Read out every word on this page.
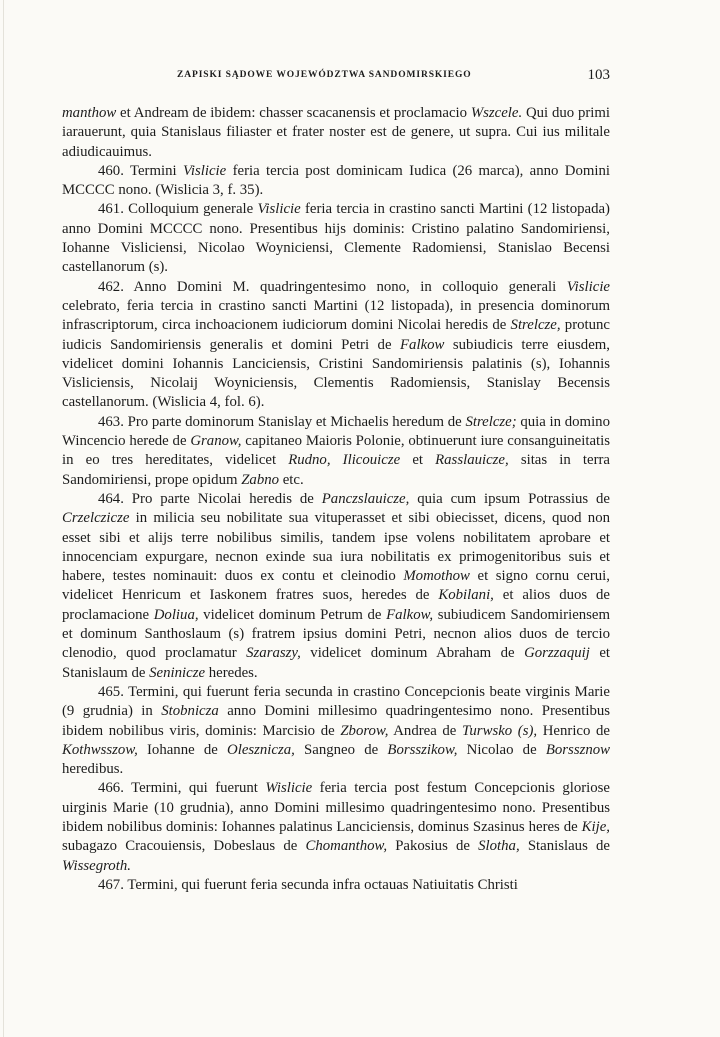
ZAPISKI SĄDOWE WOJEWÓDZTWA SANDOMIRSKIEGO	103

manthow et Andream de ibidem: chasser scacanensis et proclamacio Wszcele. Qui duo primi iarauerunt, quia Stanislaus filiaster et frater noster est de genere, ut supra. Cui ius militale adiudicauimus.

460. Termini Vislicie feria tercia post dominicam Iudica (26 marca), anno Domini MCCCC nono. (Wislicia 3, f. 35).

461. Colloquium generale Vislicie feria tercia in crastino sancti Martini (12 listopada) anno Domini MCCCC nono. Presentibus hijs dominis: Cristino palatino Sandomiriensi, Iohanne Visliciensi, Nicolao Woyniciensi, Clemente Radomiensi, Stanislao Becensi castellanorum (s).

462. Anno Domini M. quadringentesimo nono, in colloquio generali Vislicie celebrato, feria tercia in crastino sancti Martini (12 listopada), in presencia dominorum infrascriptorum, circa inchoacionem iudiciorum domini Nicolai heredis de Strelcze, protunc iudicis Sandomiriensis generalis et domini Petri de Falkow subiudicis terre eiusdem, videlicet domini Iohannis Lanciciensis, Cristini Sandomiriensis palatinis (s), Iohannis Visliciensis, Nicolaij Woyniciensis, Clementis Radomiensis, Stanislay Becensis castellanorum. (Wislicia 4, fol. 6).

463. Pro parte dominorum Stanislay et Michaelis heredum de Strelcze; quia in domino Wincencio herede de Granow, capitaneo Maioris Polonie, obtinuerunt iure consanguineitatis in eo tres hereditates, videlicet Rudno, Ilicouicze et Rasslauicze, sitas in terra Sandomiriensi, prope opidum Zabno etc.

464. Pro parte Nicolai heredis de Panczslauicze, quia cum ipsum Potrassius de Crzelczicze in milicia seu nobilitate sua vituperasset et sibi obiecisset, dicens, quod non esset sibi et alijs terre nobilibus similis, tandem ipse volens nobilitatem aprobare et innocenciam expurgare, necnon exinde sua iura nobilitatis ex primogenitoribus suis et habere, testes nominauit: duos ex contu et cleinodio Momothow et signo cornu cerui, videlicet Henricum et Iaskonem fratres suos, heredes de Kobilani, et alios duos de proclamacione Doliua, videlicet dominum Petrum de Falkow, subiudicem Sandomiriensem et dominum Santhoslaum (s) fratrem ipsius domini Petri, necnon alios duos de tercio clenodio, quod proclamatur Szaraszy, videlicet dominum Abraham de Gorzzaquij et Stanislaum de Seninicze heredes.

465. Termini, qui fuerunt feria secunda in crastino Concepcionis beate virginis Marie (9 grudnia) in Stobnicza anno Domini millesimo quadringentesimo nono. Presentibus ibidem nobilibus viris, dominis: Marcisio de Zborow, Andrea de Turwsko (s), Henrico de Kothwsszow, Iohanne de Olesznicza, Sangneo de Borsszikow, Nicolao de Borssznow heredibus.

466. Termini, qui fuerunt Wislicie feria tercia post festum Concepcionis gloriose uirginis Marie (10 grudnia), anno Domini millesimo quadringentesimo nono. Presentibus ibidem nobilibus dominis: Iohannes palatinus Lanciciensis, dominus Szasinus heres de Kije, subagazo Cracouiensis, Dobeslaus de Chomanthow, Pakosius de Slotha, Stanislaus de Wissegroth.

467. Termini, qui fuerunt feria secunda infra octauas Natiuitatis Christi
